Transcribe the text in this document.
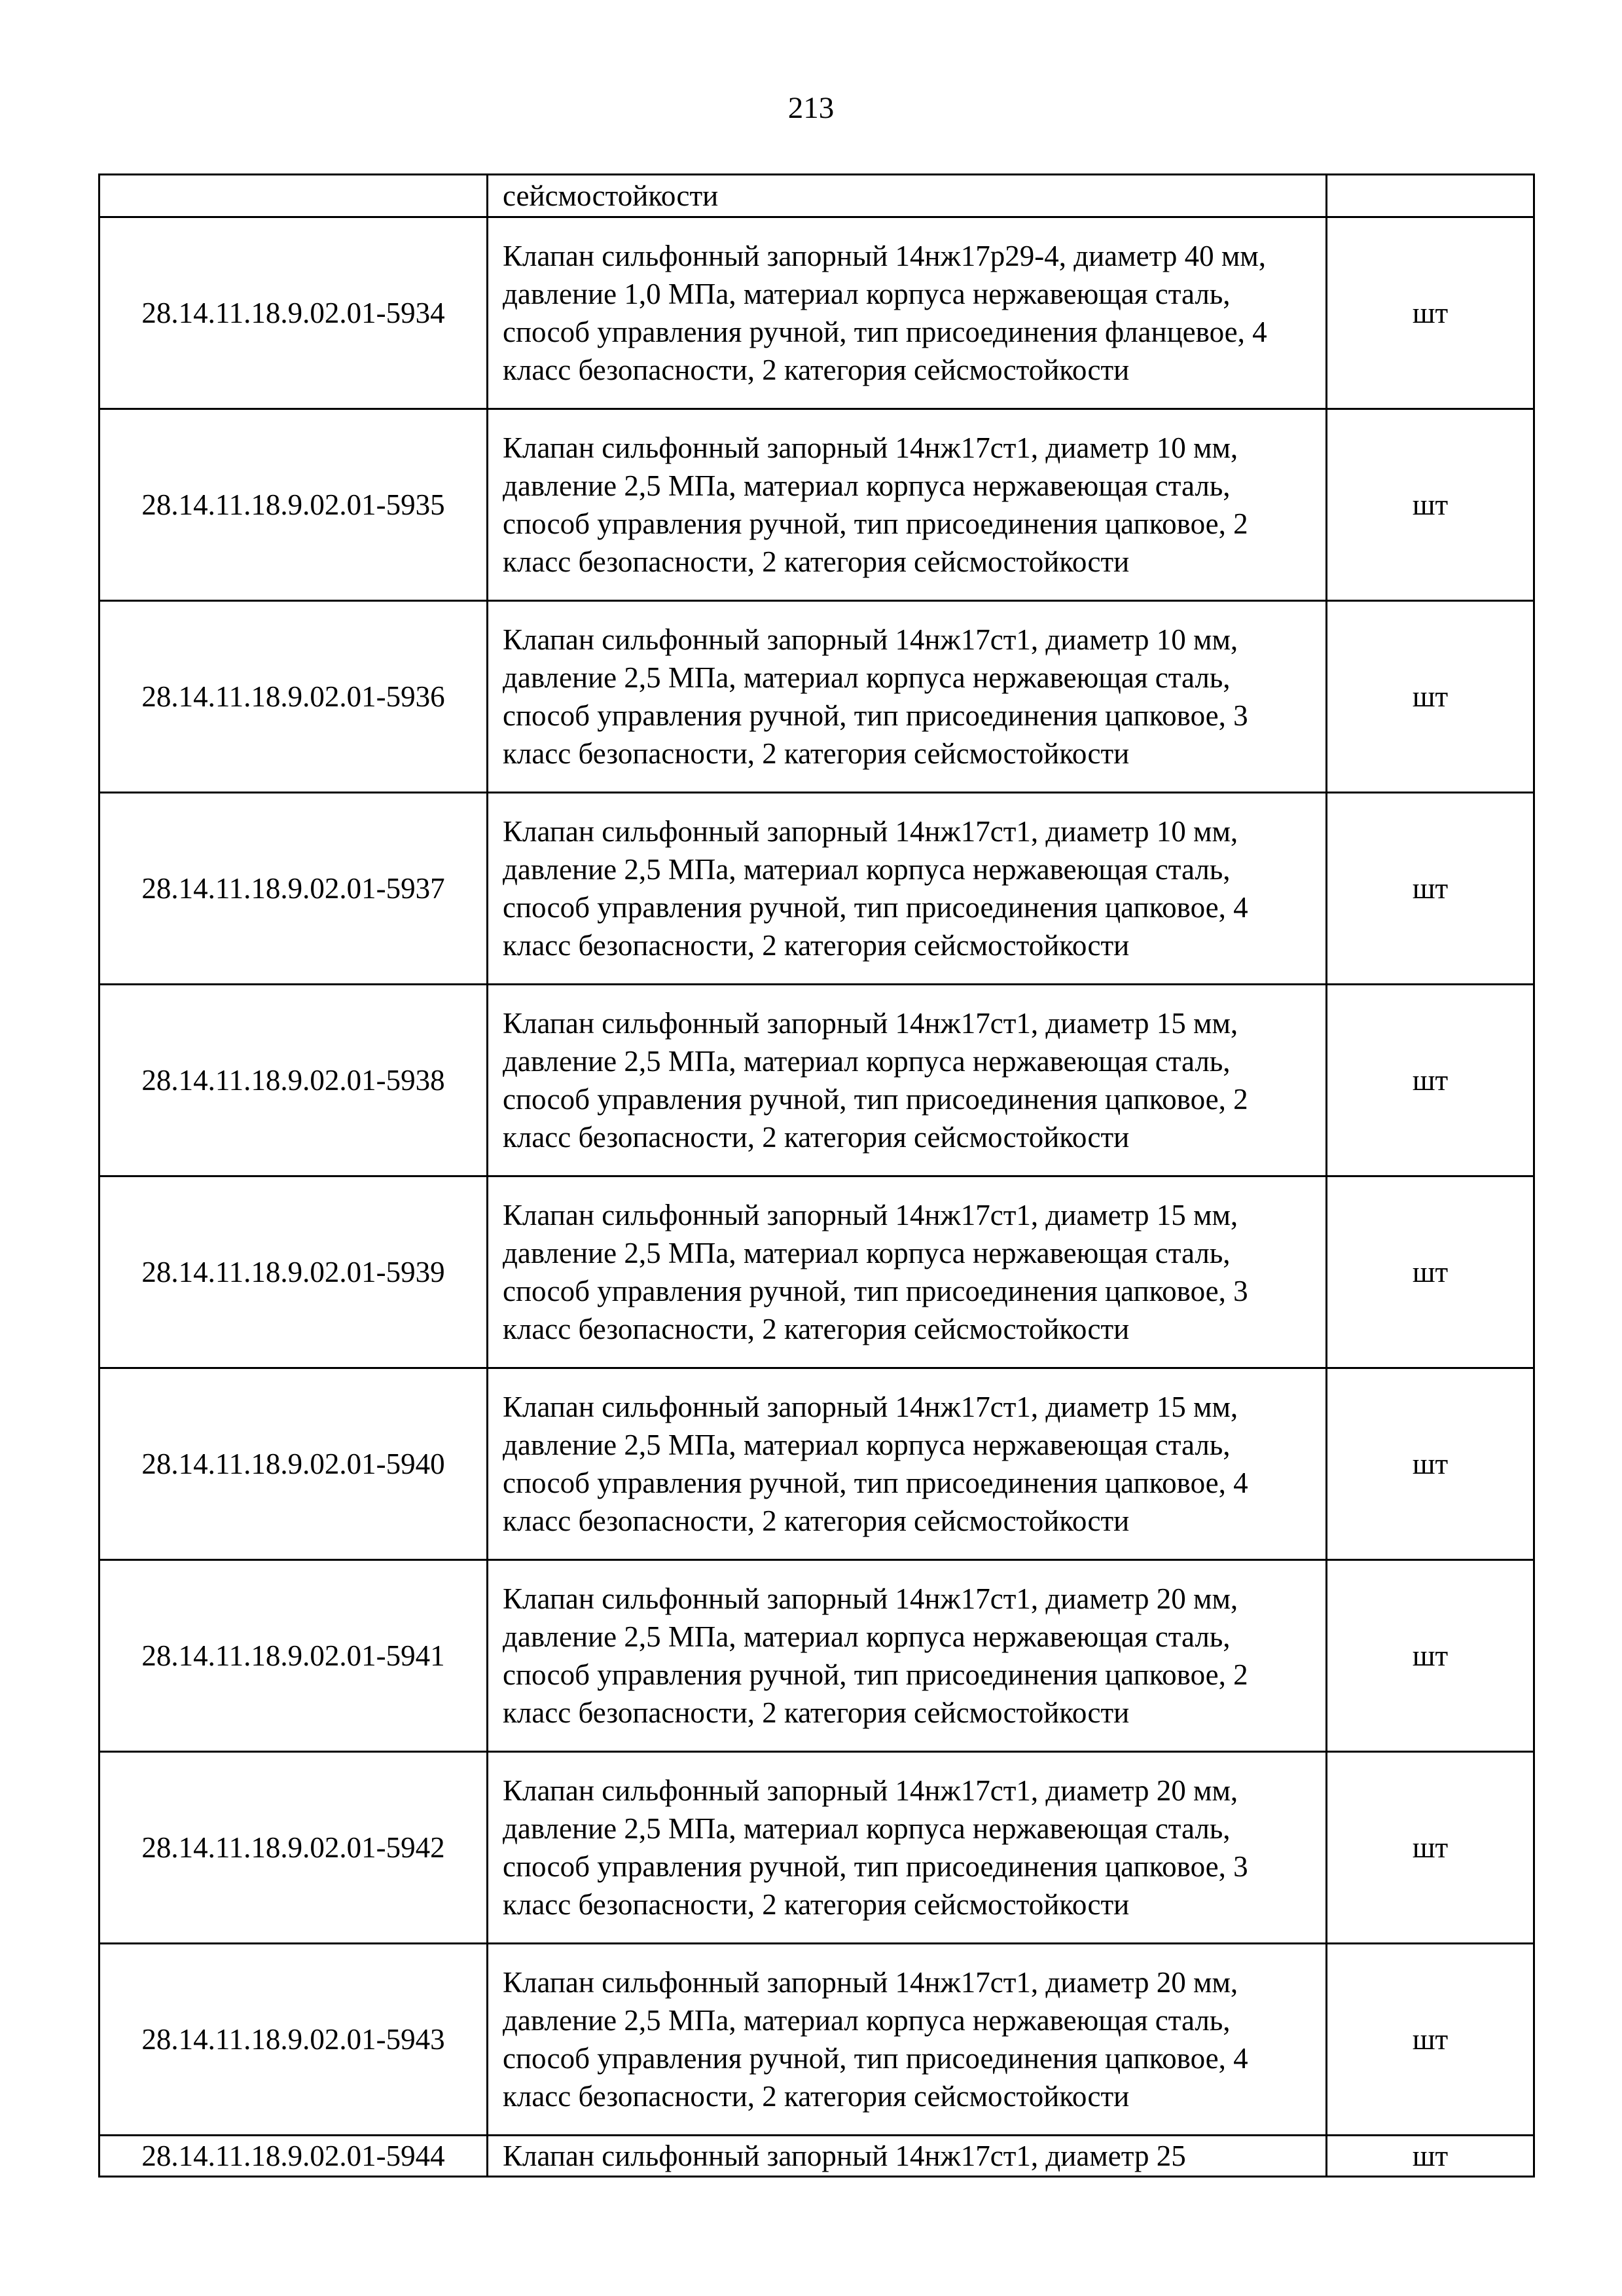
213
	сейсмостойкости	
28.14.11.18.9.02.01-5934	Клапан сильфонный запорный 14нж17р29-4, диаметр 40 мм, давление 1,0 МПа, материал корпуса нержавеющая сталь, способ управления ручной, тип присоединения фланцевое, 4 класс безопасности, 2 категория сейсмостойкости	шт
28.14.11.18.9.02.01-5935	Клапан сильфонный запорный 14нж17ст1, диаметр 10 мм, давление 2,5 МПа, материал корпуса нержавеющая сталь, способ управления ручной, тип присоединения цапковое, 2 класс безопасности, 2 категория сейсмостойкости	шт
28.14.11.18.9.02.01-5936	Клапан сильфонный запорный 14нж17ст1, диаметр 10 мм, давление 2,5 МПа, материал корпуса нержавеющая сталь, способ управления ручной, тип присоединения цапковое, 3 класс безопасности, 2 категория сейсмостойкости	шт
28.14.11.18.9.02.01-5937	Клапан сильфонный запорный 14нж17ст1, диаметр 10 мм, давление 2,5 МПа, материал корпуса нержавеющая сталь, способ управления ручной, тип присоединения цапковое, 4 класс безопасности, 2 категория сейсмостойкости	шт
28.14.11.18.9.02.01-5938	Клапан сильфонный запорный 14нж17ст1, диаметр 15 мм, давление 2,5 МПа, материал корпуса нержавеющая сталь, способ управления ручной, тип присоединения цапковое, 2 класс безопасности, 2 категория сейсмостойкости	шт
28.14.11.18.9.02.01-5939	Клапан сильфонный запорный 14нж17ст1, диаметр 15 мм, давление 2,5 МПа, материал корпуса нержавеющая сталь, способ управления ручной, тип присоединения цапковое, 3 класс безопасности, 2 категория сейсмостойкости	шт
28.14.11.18.9.02.01-5940	Клапан сильфонный запорный 14нж17ст1, диаметр 15 мм, давление 2,5 МПа, материал корпуса нержавеющая сталь, способ управления ручной, тип присоединения цапковое, 4 класс безопасности, 2 категория сейсмостойкости	шт
28.14.11.18.9.02.01-5941	Клапан сильфонный запорный 14нж17ст1, диаметр 20 мм, давление 2,5 МПа, материал корпуса нержавеющая сталь, способ управления ручной, тип присоединения цапковое, 2 класс безопасности, 2 категория сейсмостойкости	шт
28.14.11.18.9.02.01-5942	Клапан сильфонный запорный 14нж17ст1, диаметр 20 мм, давление 2,5 МПа, материал корпуса нержавеющая сталь, способ управления ручной, тип присоединения цапковое, 3 класс безопасности, 2 категория сейсмостойкости	шт
28.14.11.18.9.02.01-5943	Клапан сильфонный запорный 14нж17ст1, диаметр 20 мм, давление 2,5 МПа, материал корпуса нержавеющая сталь, способ управления ручной, тип присоединения цапковое, 4 класс безопасности, 2 категория сейсмостойкости	шт
28.14.11.18.9.02.01-5944	Клапан сильфонный запорный 14нж17ст1, диаметр 25	шт
